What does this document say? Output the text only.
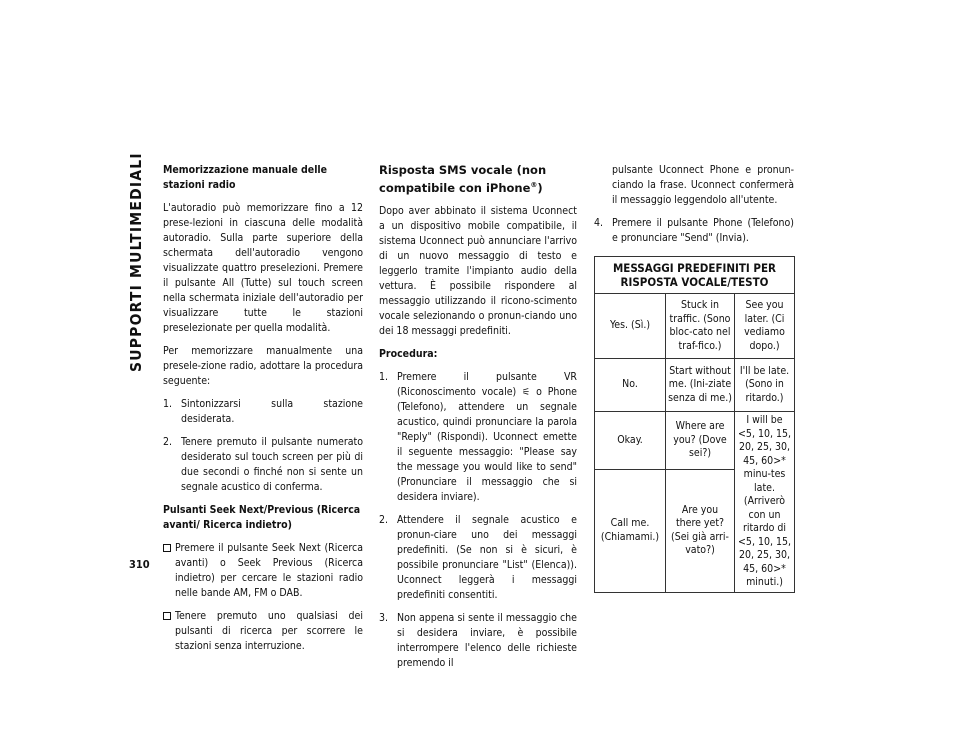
SUPPORTI MULTIMEDIALI
310
Memorizzazione manuale delle stazioni radio

L'autoradio può memorizzare fino a 12 prese-lezioni in ciascuna delle modalità autoradio. Sulla parte superiore della schermata dell'autoradio vengono visualizzate quattro preselezioni. Premere il pulsante All (Tutte) sul touch screen nella schermata iniziale dell'autoradio per visualizzare tutte le stazioni preselezionate per quella modalità.

Per memorizzare manualmente una presele-zione radio, adottare la procedura seguente:

1. Sintonizzarsi sulla stazione desiderata.
2. Tenere premuto il pulsante numerato desiderato sul touch screen per più di due secondi o finché non si sente un segnale acustico di conferma.
Pulsanti Seek Next/Previous (Ricerca avanti/ Ricerca indietro)
Premere il pulsante Seek Next (Ricerca avanti) o Seek Previous (Ricerca indietro) per cercare le stazioni radio nelle bande AM, FM o DAB.
Tenere premuto uno qualsiasi dei pulsanti di ricerca per scorrere le stazioni senza interruzione.
Risposta SMS vocale (non compatibile con iPhone®)

Dopo aver abbinato il sistema Uconnect a un dispositivo mobile compatibile, il sistema Uconnect può annunciare l'arrivo di un nuovo messaggio di testo e leggerlo tramite l'impianto audio della vettura. È possibile rispondere al messaggio utilizzando il ricono-scimento vocale selezionando o pronun-ciando uno dei 18 messaggi predefiniti.

Procedura:
1. Premere il pulsante VR (Riconoscimento vocale) ⚟ o Phone (Telefono), attendere un segnale acustico, quindi pronunciare la parola "Reply" (Rispondi). Uconnect emette il seguente messaggio: "Please say the message you would like to send" (Pronunciare il messaggio che si desidera inviare).
2. Attendere il segnale acustico e pronun-ciare uno dei messaggi predefiniti. (Se non si è sicuri, è possibile pronunciare "List" (Elenca)). Uconnect leggerà i messaggi predefiniti consentiti.
3. Non appena si sente il messaggio che si desidera inviare, è possibile interrompere l'elenco delle richieste premendo il
pulsante Uconnect Phone e pronun-ciando la frase. Uconnect confermerà il messaggio leggendolo all'utente.
4. Premere il pulsante Phone (Telefono) e pronunciare "Send" (Invia).
MESSAGGI PREDEFINITI PER RISPOSTA VOCALE/TESTO		
Yes. (Sì.)	Stuck in traffic. (Sono bloc-cato nel traf-fico.)	See you later. (Ci vediamo dopo.)
No.	Start without me. (Ini-ziate senza di me.)	I'll be late. (Sono in ritardo.)
Okay.	Where are you? (Dove sei?)	I will be <5, 10, 15, 20, 25, 30, 45, 60>* minu-tes late. (Arriverò con un ritardo di <5, 10, 15, 20, 25, 30, 45, 60>* minuti.)
Call me. (Chiamami.)	Are you there yet? (Sei già arri-vato?)	
